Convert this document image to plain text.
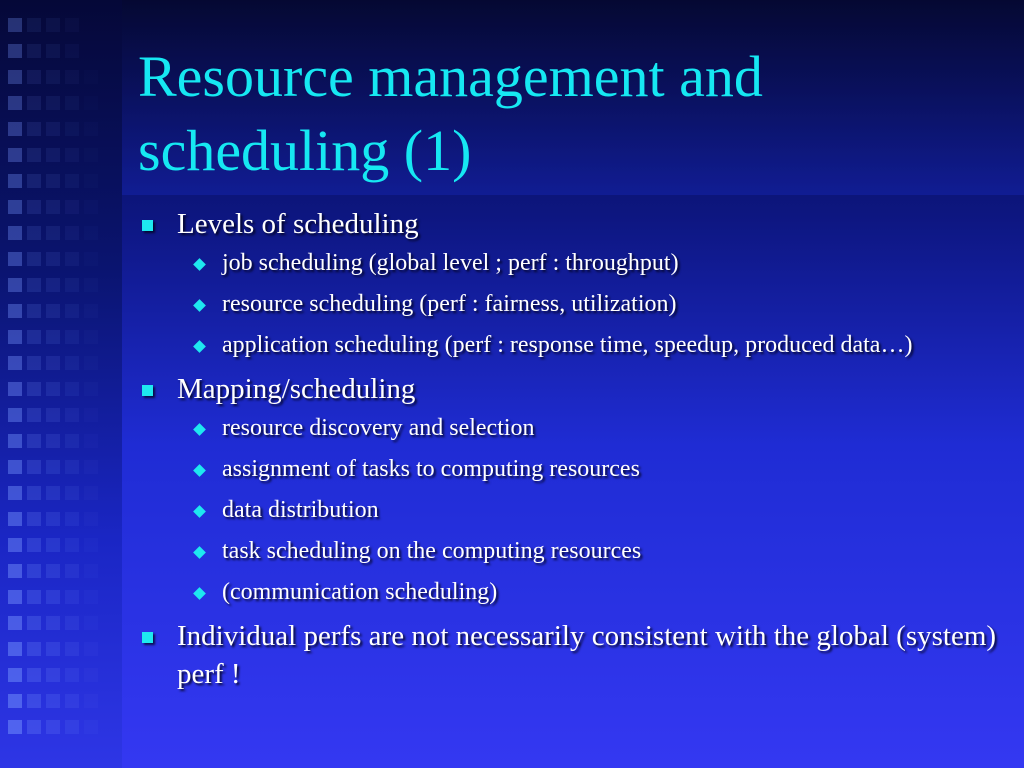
Resource management and scheduling (1)
Levels of scheduling
job scheduling (global level ; perf : throughput)
resource scheduling (perf : fairness, utilization)
application scheduling (perf : response time, speedup, produced data…)
Mapping/scheduling
resource discovery and selection
assignment of tasks to computing resources
data distribution
task scheduling on the computing resources
(communication scheduling)
Individual perfs are not necessarily consistent with the global (system) perf !
